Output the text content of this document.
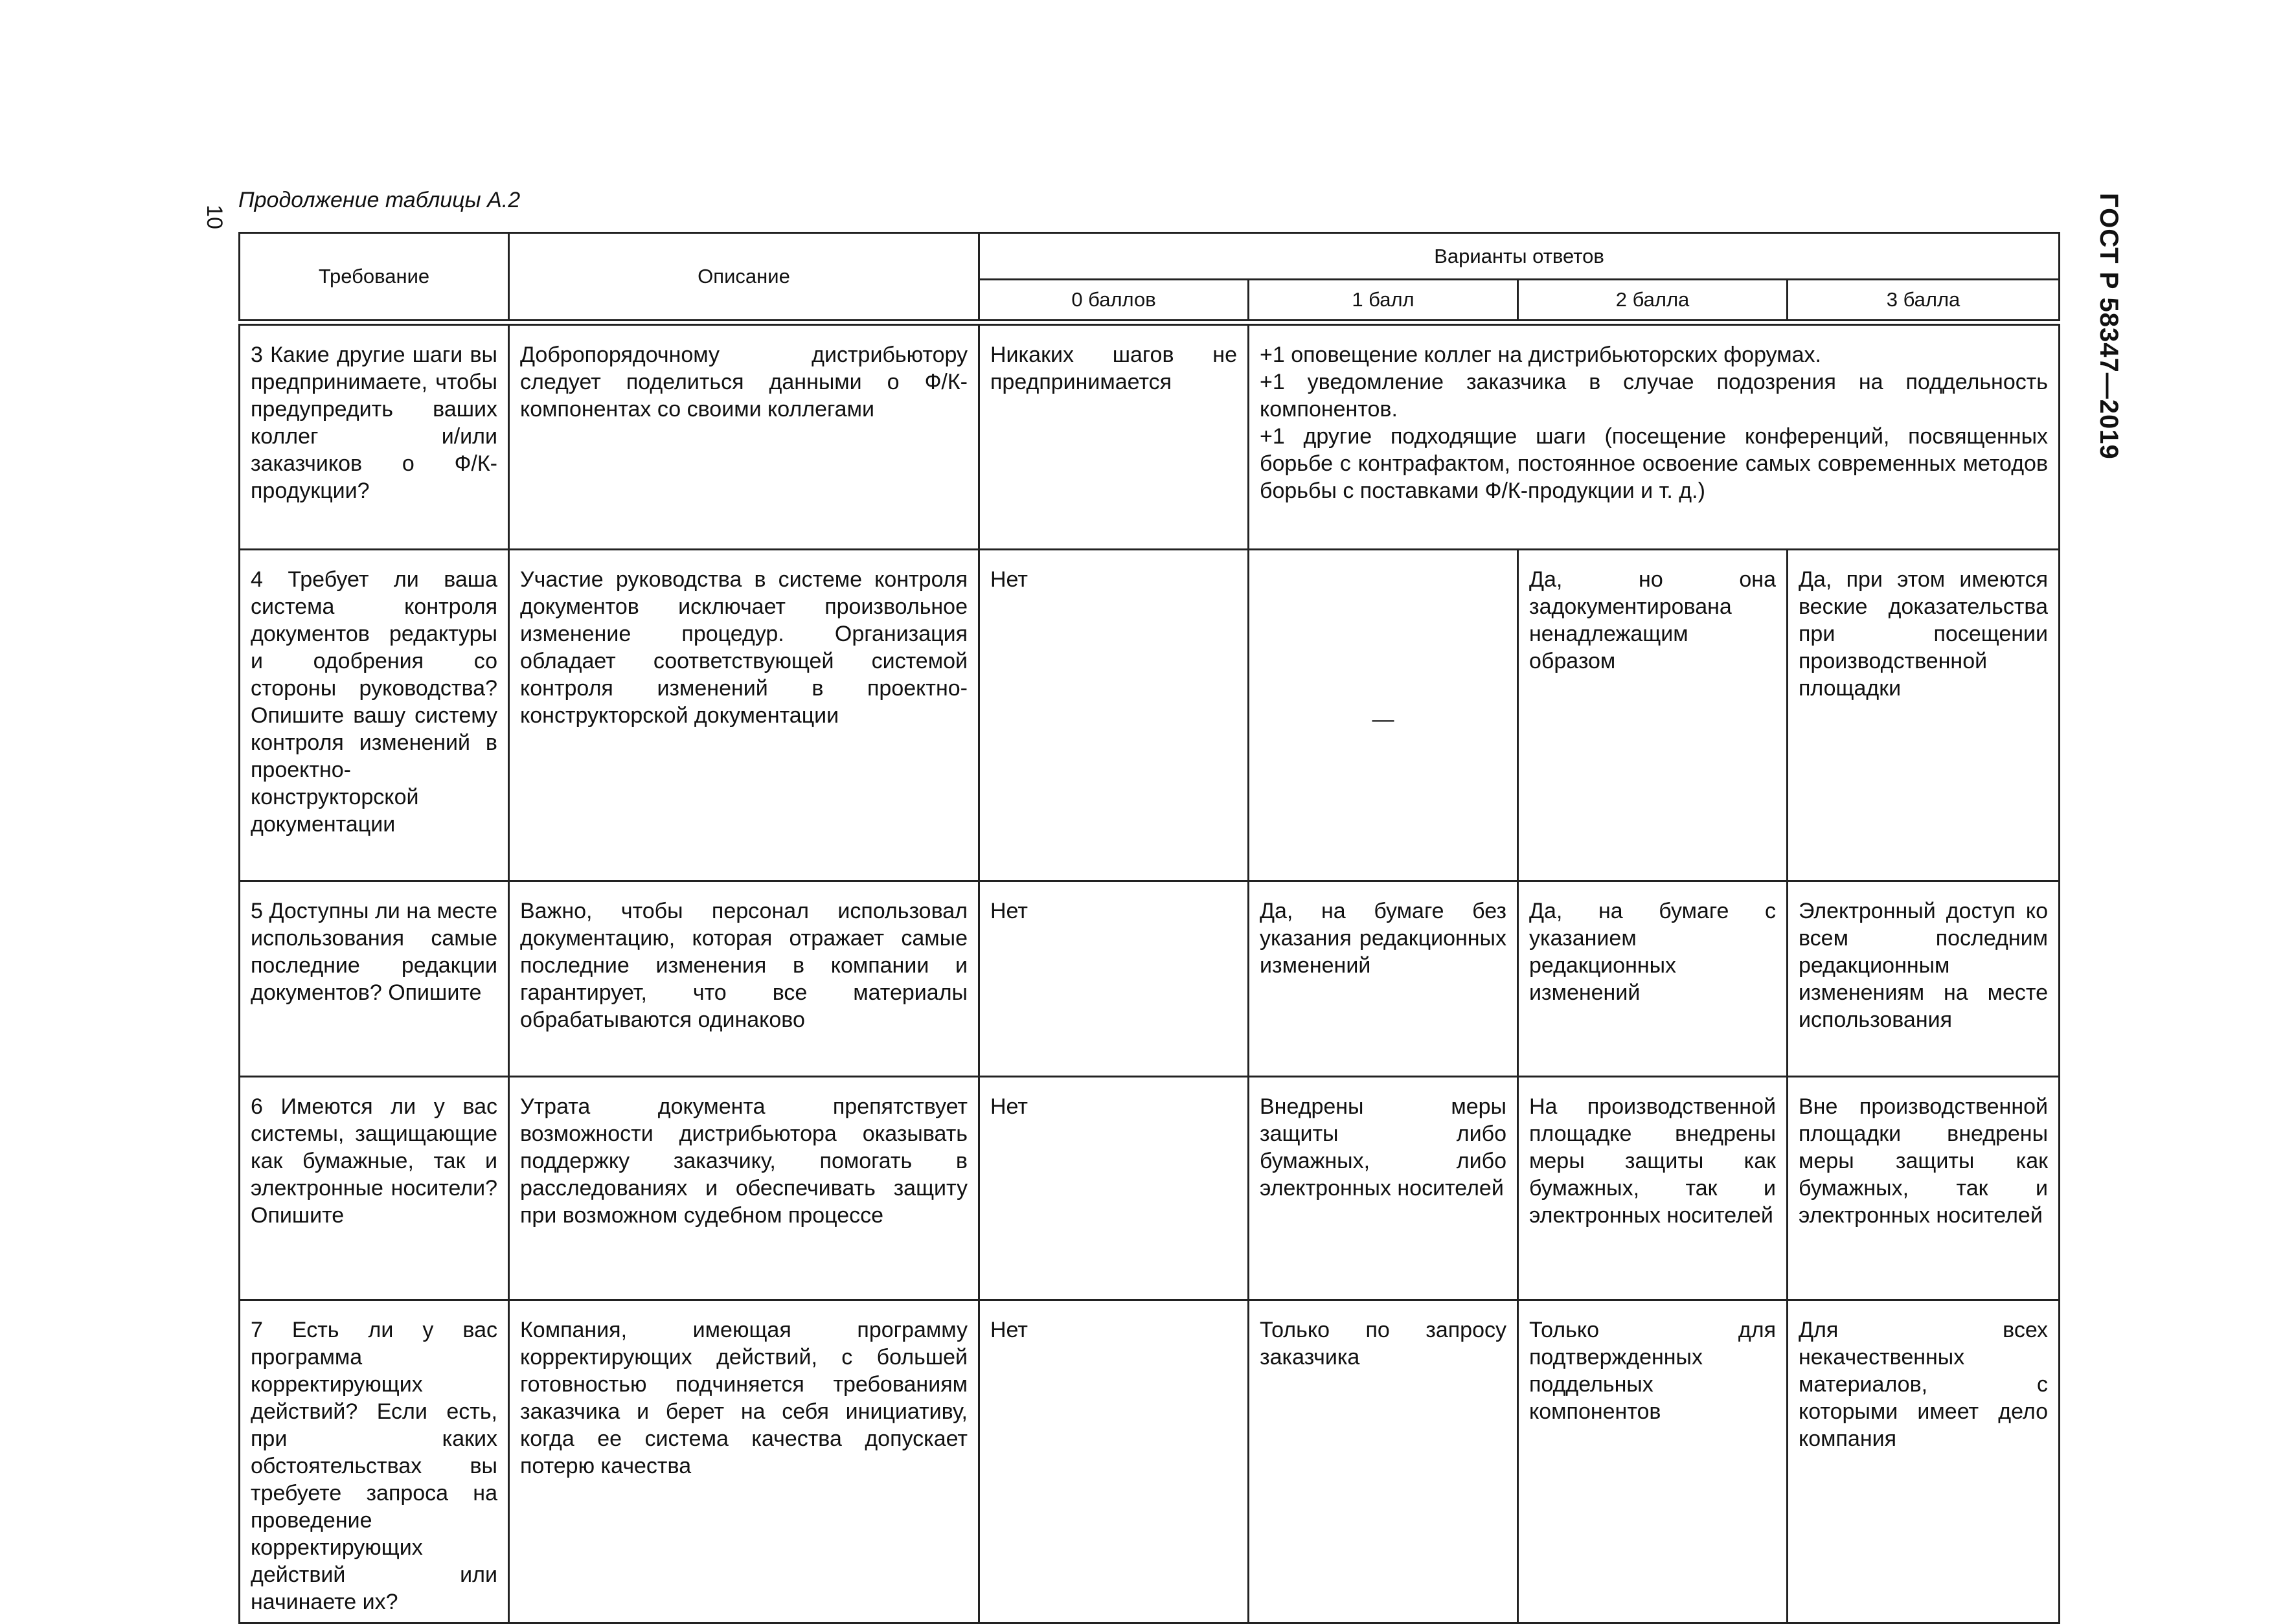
10
Продолжение таблицы А.2	ГОСТ Р 58347—2019
Требование	Описание	Варианты ответов			
		0 баллов	1 балл	2 балла	3 балла
3 Какие другие шаги вы предпринимаете, чтобы предупредить ваших коллег и/или заказчиков о Ф/К-продукции?	Добропорядочному дистрибьютору следует поделиться данными о Ф/К-компонентах со своими коллегами	Никаких шагов не предпринимается	+1 оповещение коллег на дистрибьюторских форумах.
+1 уведомление заказчика в случае подозрения на поддельность компонентов.
+1 другие подходящие шаги (посещение конференций, посвященных борьбе с контрафактом, постоянное освоение самых современных методов борьбы с поставками Ф/К-продукции и т. д.)		

4 Требует ли ваша система контроля документов редактуры и одобрения со стороны руководства? Опишите вашу систему контроля изменений в проектно-конструкторской документации	Участие руководства в системе контроля документов исключает произвольное изменение процедур. Организация обладает соответствующей системой контроля изменений в проектно-конструкторской документации	Нет	—	Да, но она задокументирована ненадлежащим образом	Да, при этом имеются веские доказательства при посещении производственной площадки
5 Доступны ли на месте использования самые последние редакции документов? Опишите	Важно, чтобы персонал использовал документацию, которая отражает самые последние изменения в компании и гарантирует, что все материалы обрабатываются одинаково	Нет	Да, на бумаге без указания редакционных изменений	Да, на бумаге с указанием редакционных изменений	Электронный доступ ко всем последним редакционным изменениям на месте использования
6 Имеются ли у вас системы, защищающие как бумажные, так и электронные носители? Опишите	Утрата документа препятствует возможности дистрибьютора оказывать поддержку заказчику, помогать в расследованиях и обеспечивать защиту при возможном судебном процессе	Нет	Внедрены меры защиты либо бумажных, либо электронных носителей	На производственной площадке внедрены меры защиты как бумажных, так и электронных носителей	Вне производственной площадки внедрены меры защиты как бумажных, так и электронных носителей
7 Есть ли у вас программа корректирующих действий? Если есть, при каких обстоятельствах вы требуете запроса на проведение корректирующих действий или начинаете их?	Компания, имеющая программу корректирующих действий, с большей готовностью подчиняется требованиям заказчика и берет на себя инициативу, когда ее система качества допускает потерю качества	Нет	Только по запросу заказчика	Только для подтвержденных поддельных компонентов	Для всех некачественных материалов, с которыми имеет дело компания
